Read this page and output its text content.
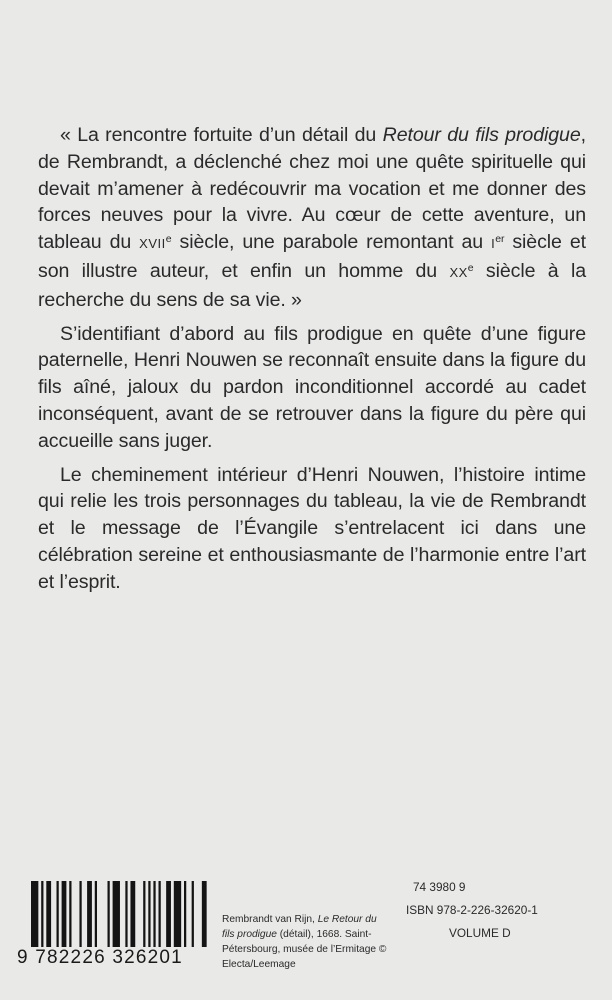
« La rencontre fortuite d’un détail du Retour du fils prodigue, de Rembrandt, a déclenché chez moi une quête spirituelle qui devait m’amener à redécouvrir ma vocation et me donner des forces neuves pour la vivre. Au cœur de cette aventure, un tableau du XVIIe siècle, une parabole remontant au Ier siècle et son illustre auteur, et enfin un homme du XXe siècle à la recherche du sens de sa vie. »

S’identifiant d’abord au fils prodigue en quête d’une figure paternelle, Henri Nouwen se reconnaît ensuite dans la figure du fils aîné, jaloux du pardon inconditionnel accordé au cadet inconséquent, avant de se retrouver dans la figure du père qui accueille sans juger.

Le cheminement intérieur d’Henri Nouwen, l’histoire intime qui relie les trois personnages du tableau, la vie de Rembrandt et le message de l’Évangile s’entrelacent ici dans une célébration sereine et enthousiasmante de l’harmonie entre l’art et l’esprit.

9 782226 326201
Rembrandt van Rijn, Le Retour du fils prodigue (détail), 1668. Saint-Pétersbourg, musée de l’Ermitage © Electa/Leemage
74 3980 9
ISBN 978-2-226-32620-1
VOLUME D
